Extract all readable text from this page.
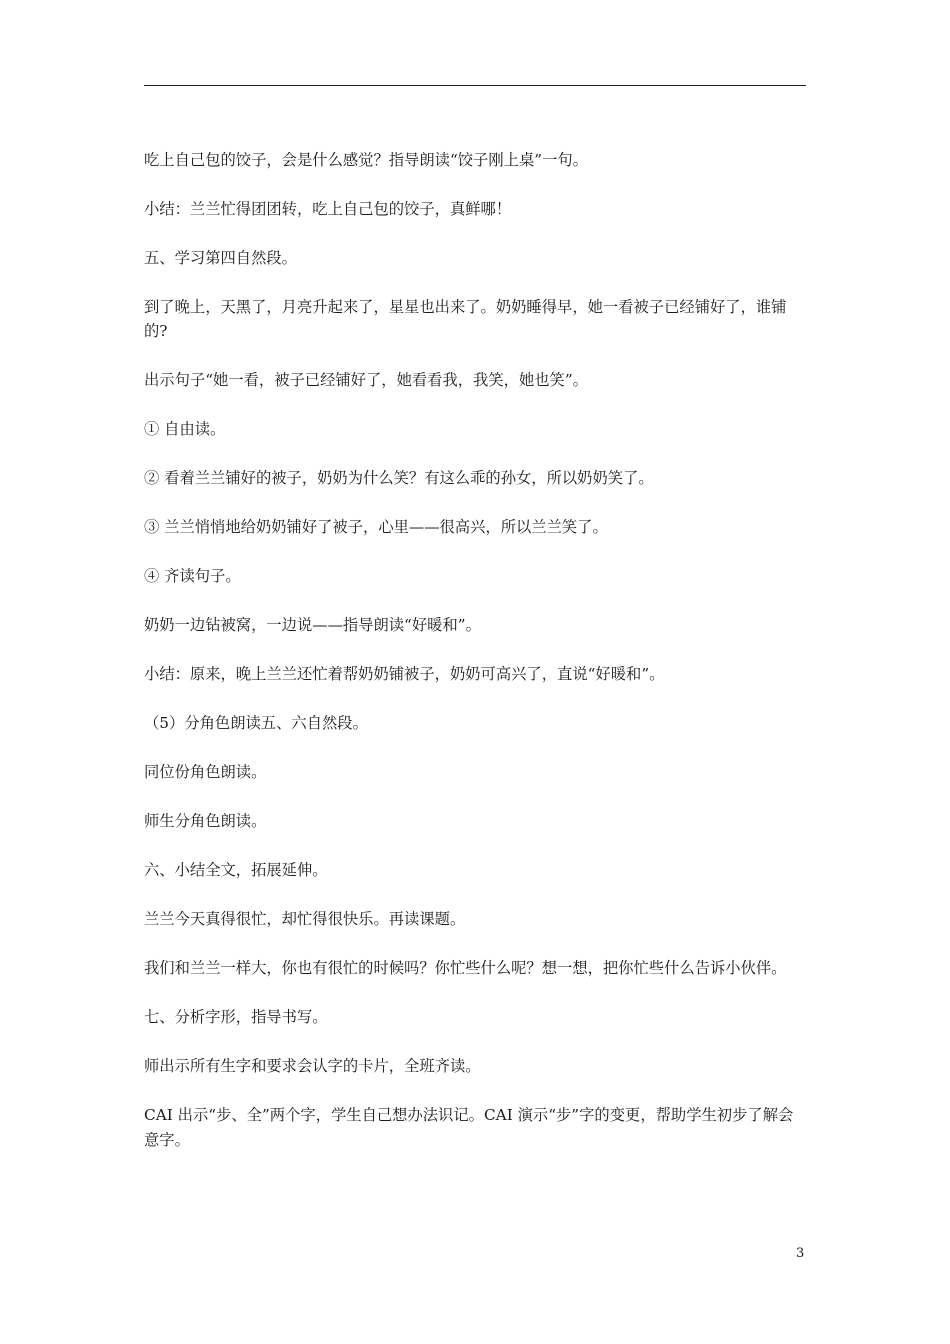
吃上自己包的饺子，会是什么感觉？指导朗读“饺子刚上桌”一句。

小结：兰兰忙得团团转，吃上自己包的饺子，真鲜哪！

五、学习第四自然段。

到了晚上，天黑了，月亮升起来了，星星也出来了。奶奶睡得早，她一看被子已经铺好了，谁铺的?

出示句子“她一看，被子已经铺好了，她看看我，我笑，她也笑”。

① 自由读。

② 看着兰兰铺好的被子，奶奶为什么笑？有这么乖的孙女，所以奶奶笑了。

③ 兰兰悄悄地给奶奶铺好了被子，心里——很高兴，所以兰兰笑了。

④ 齐读句子。

奶奶一边钻被窝，一边说——指导朗读“好暖和”。

小结：原来，晚上兰兰还忙着帮奶奶铺被子，奶奶可高兴了，直说“好暖和”。

（5）分角色朗读五、六自然段。

同位份角色朗读。

师生分角色朗读。

六、小结全文，拓展延伸。

兰兰今天真得很忙，却忙得很快乐。再读课题。

我们和兰兰一样大，你也有很忙的时候吗？你忙些什么呢？想一想，把你忙些什么告诉小伙伴。

七、分析字形，指导书写。

师出示所有生字和要求会认字的卡片，全班齐读。

CAI 出示“步、全”两个字，学生自己想办法识记。CAI 演示“步”字的变更，帮助学生初步了解会意字。

3
